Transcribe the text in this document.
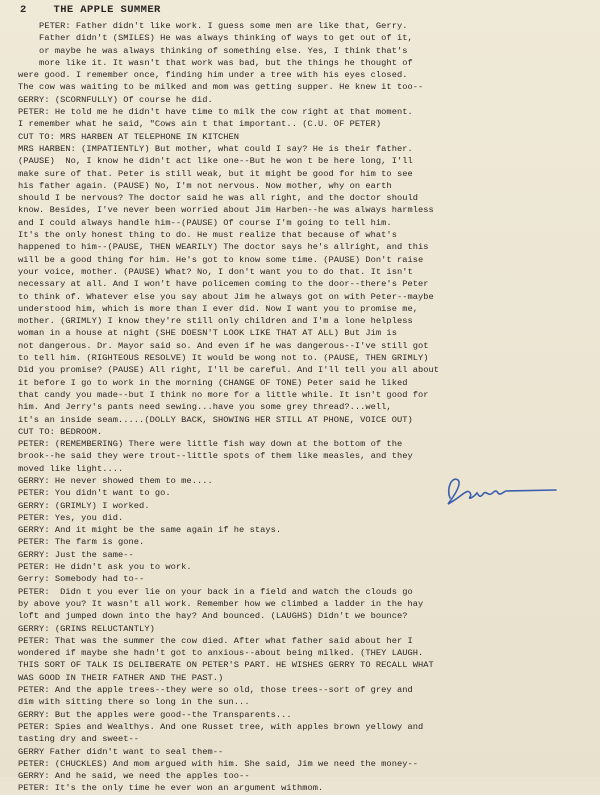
2    THE APPLE SUMMER
PETER: Father didn't like work. I guess some men are like that, Gerry.
Father didn't (SMILES) He was always thinking of ways to get out of it,
or maybe he was always thinking of something else. Yes, I think that's
more like it. It wasn't that work was bad, but the things he thought of
were good. I remember once, finding him under a tree with his eyes closed.
The cow was waiting to be milked and mom was getting supper. He knew it too--
GERRY: (SCORNFULLY) Of course he did.
PETER: He told me he didn't have time to milk the cow right at that moment.
I remember what he said, "Cows ain t that important.. (C.U. OF PETER)
CUT TO: MRS HARBEN AT TELEPHONE IN KITCHEN
MRS HARBEN: (IMPATIENTLY) But mother, what could I say? He is their father.
(PAUSE)  No, I know he didn't act like one--But he won t be here long, I'll
make sure of that. Peter is still weak, but it might be good for him to see
his father again. (PAUSE) No, I'm not nervous. Now mother, why on earth
should I be nervous? The doctor said he was all right, and the doctor should
know. Besides, I've never been worried about Jim Harben--he was always harmless
and I could always handle him--(PAUSE) Of course I'm going to tell him.
It's the only honest thing to do. He must realize that because of what's
happened to him--(PAUSE, THEN WEARILY) The doctor says he's allright, and this
will be a good thing for him. He's got to know some time. (PAUSE) Don't raise
your voice, mother. (PAUSE) What? No, I don't want you to do that. It isn't
necessary at all. And I won't have policemen coming to the door--there's Peter
to think of. Whatever else you say about Jim he always got on with Peter--maybe
understood him, which is more than I ever did. Now I want you to promise me,
mother. (GRIMLY) I know they're still only children and I'm a lone helpless
woman in a house at night (SHE DOESN'T LOOK LIKE THAT AT ALL) But Jim is
not dangerous. Dr. Mayor said so. And even if he was dangerous--I've still got
to tell him. (RIGHTEOUS RESOLVE) It would be wong not to. (PAUSE, THEN GRIMLY)
Did you promise? (PAUSE) All right, I'll be careful. And I'll tell you all about
it before I go to work in the morning (CHANGE OF TONE) Peter said he liked
that candy you made--but I think no more for a little while. It isn't good for
him. And Jerry's pants need sewing...have you some grey thread?...well,
it's an inside seam.....(DOLLY BACK, SHOWING HER STILL AT PHONE, VOICE OUT)
CUT TO: BEDROOM.
PETER: (REMEMBERING) There were little fish way down at the bottom of the
brook--he said they were trout--little spots of them like measles, and they
moved like light....
GERRY: He never showed them to me....
PETER: You didn't want to go.
GERRY: (GRIMLY) I worked.
PETER: Yes, you did.
GERRY: And it might be the same again if he stays.
PETER: The farm is gone.
GERRY: Just the same--
PETER: He didn't ask you to work.
Gerry: Somebody had to--
PETER:  Didn t you ever lie on your back in a field and watch the clouds go
by above you? It wasn't all work. Remember how we climbed a ladder in the hay
loft and jumped down into the hay? And bounced. (LAUGHS) Didn't we bounce?
GERRY: (GRINS RELUCTANTLY)
PETER: That was the summer the cow died. After what father said about her I
wondered if maybe she hadn't got to anxious--about being milked. (THEY LAUGH.
THIS SORT OF TALK IS DELIBERATE ON PETER'S PART. HE WISHES GERRY TO RECALL WHAT
WAS GOOD IN THEIR FATHER AND THE PAST.)
PETER: And the apple trees--they were so old, those trees--sort of grey and
dim with sitting there so long in the sun...
GERRY: But the apples were good--the Transparents...
PETER: Spies and Wealthys. And one Russet tree, with apples brown yellowy and
tasting dry and sweet--
GERRY Father didn't want to seal them--
PETER: (CHUCKLES) And mom argued with him. She said, Jim we need the money--
GERRY: And he said, we need the apples too--
PETER: It's the only time he ever won an argument withmom.
